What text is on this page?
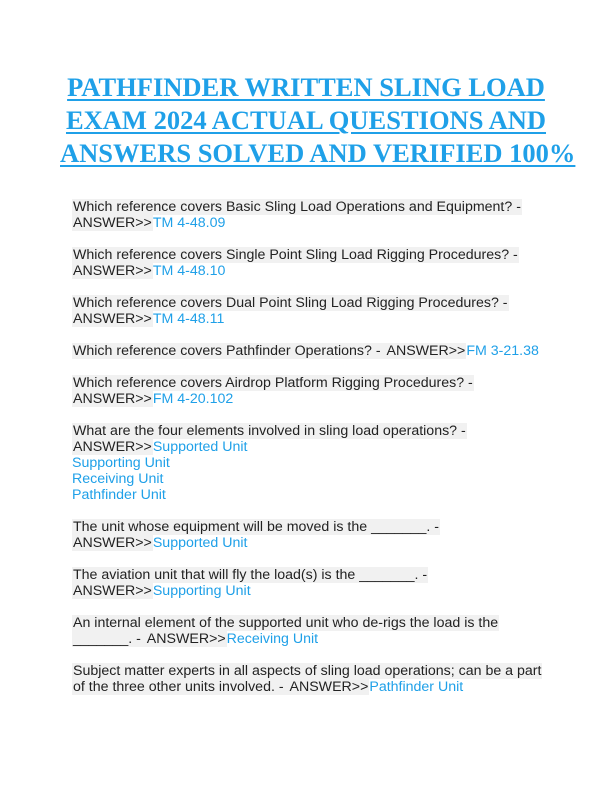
PATHFINDER WRITTEN SLING LOAD
EXAM 2024 ACTUAL QUESTIONS AND
ANSWERS SOLVED AND VERIFIED 100%
Which reference covers Basic Sling Load Operations and Equipment? -
ANSWER>>TM 4-48.09
Which reference covers Single Point Sling Load Rigging Procedures? -
ANSWER>>TM 4-48.10
Which reference covers Dual Point Sling Load Rigging Procedures? -
ANSWER>>TM 4-48.11
Which reference covers Pathfinder Operations? - ANSWER>>FM 3-21.38
Which reference covers Airdrop Platform Rigging Procedures? -
ANSWER>>FM 4-20.102
What are the four elements involved in sling load operations? -
ANSWER>>Supported Unit
Supporting Unit
Receiving Unit
Pathfinder Unit
The unit whose equipment will be moved is the _______. -
ANSWER>>Supported Unit
The aviation unit that will fly the load(s) is the _______. -
ANSWER>>Supporting Unit
An internal element of the supported unit who de-rigs the load is the
_______. - ANSWER>>Receiving Unit
Subject matter experts in all aspects of sling load operations; can be a part
of the three other units involved. - ANSWER>>Pathfinder Unit
